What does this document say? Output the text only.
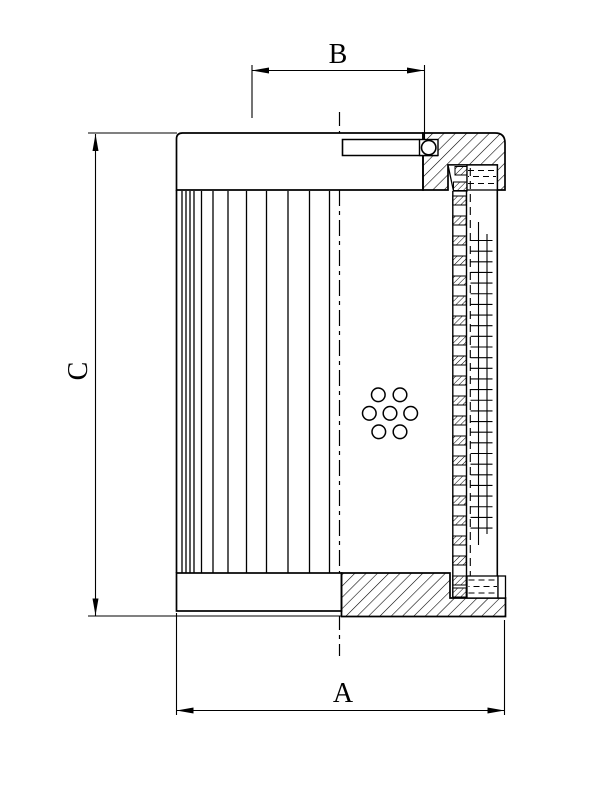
B
C
A
